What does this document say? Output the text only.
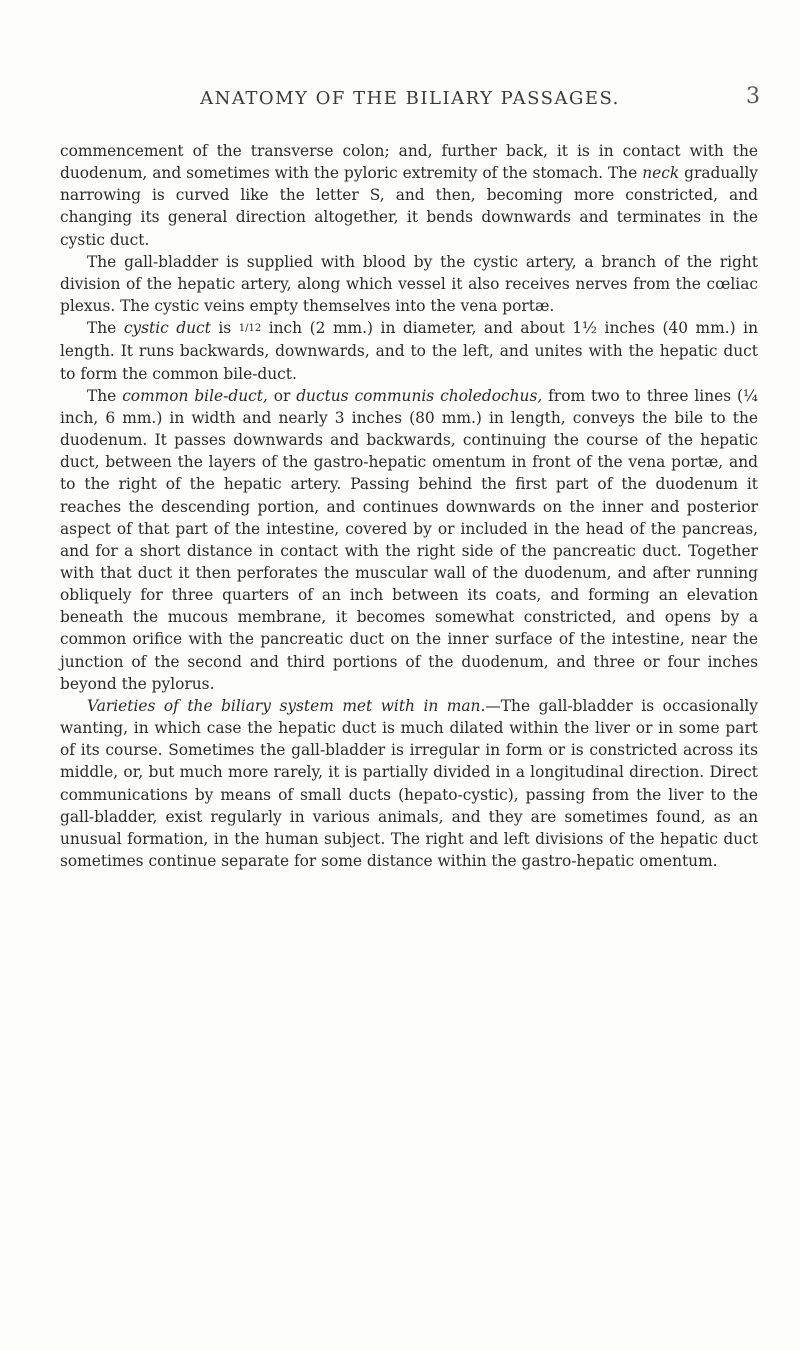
ANATOMY OF THE BILIARY PASSAGES.	3

commencement of the transverse colon; and, further back, it is in contact with the duodenum, and sometimes with the pyloric extremity of the stomach. The neck gradually narrowing is curved like the letter S, and then, becoming more constricted, and changing its general direction altogether, it bends downwards and terminates in the cystic duct.

The gall-bladder is supplied with blood by the cystic artery, a branch of the right division of the hepatic artery, along which vessel it also receives nerves from the cœliac plexus. The cystic veins empty themselves into the vena portæ.

The cystic duct is 1/12 inch (2 mm.) in diameter, and about 1½ inches (40 mm.) in length. It runs backwards, downwards, and to the left, and unites with the hepatic duct to form the common bile-duct.

The common bile-duct, or ductus communis choledochus, from two to three lines (¼ inch, 6 mm.) in width and nearly 3 inches (80 mm.) in length, conveys the bile to the duodenum. It passes downwards and backwards, continuing the course of the hepatic duct, between the layers of the gastro-hepatic omentum in front of the vena portæ, and to the right of the hepatic artery. Passing behind the first part of the duodenum it reaches the descending portion, and continues downwards on the inner and posterior aspect of that part of the intestine, covered by or included in the head of the pancreas, and for a short distance in contact with the right side of the pancreatic duct. Together with that duct it then perforates the muscular wall of the duodenum, and after running obliquely for three quarters of an inch between its coats, and forming an elevation beneath the mucous membrane, it becomes somewhat constricted, and opens by a common orifice with the pancreatic duct on the inner surface of the intestine, near the junction of the second and third portions of the duodenum, and three or four inches beyond the pylorus.

Varieties of the biliary system met with in man.—The gall-bladder is occasionally wanting, in which case the hepatic duct is much dilated within the liver or in some part of its course. Sometimes the gall-bladder is irregular in form or is constricted across its middle, or, but much more rarely, it is partially divided in a longitudinal direction. Direct communications by means of small ducts (hepato-cystic), passing from the liver to the gall-bladder, exist regularly in various animals, and they are sometimes found, as an unusual formation, in the human subject. The right and left divisions of the hepatic duct sometimes continue separate for some distance within the gastro-hepatic omentum.
